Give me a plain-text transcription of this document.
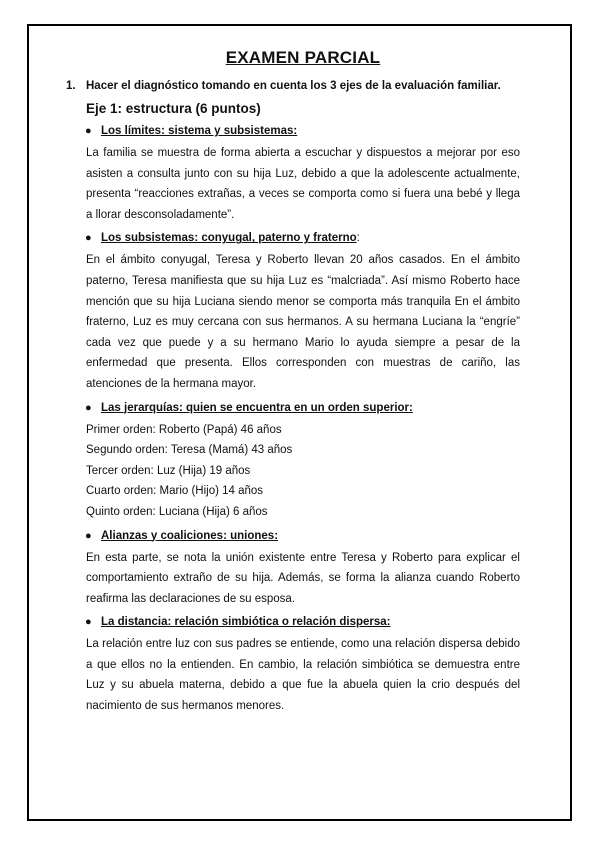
EXAMEN PARCIAL
1. Hacer el diagnóstico tomando en cuenta los 3 ejes de la evaluación familiar.
Eje 1: estructura (6 puntos)
● Los límites: sistema y subsistemas:

La familia se muestra de forma abierta a escuchar y dispuestos a mejorar por eso asisten a consulta junto con su hija Luz, debido a que la adolescente actualmente, presenta “reacciones extrañas, a veces se comporta como si fuera una bebé y llega a llorar desconsoladamente”.

● Los subsistemas: conyugal, paterno y fraterno:

En el ámbito conyugal, Teresa y Roberto llevan 20 años casados. En el ámbito paterno, Teresa manifiesta que su hija Luz es “malcriada”. Así mismo Roberto hace mención que su hija Luciana siendo menor se comporta más tranquila En el ámbito fraterno, Luz es muy cercana con sus hermanos. A su hermana Luciana la “engríe” cada vez que puede y a su hermano Mario lo ayuda siempre a pesar de la enfermedad que presenta. Ellos corresponden con muestras de cariño, las atenciones de la hermana mayor.

● Las jerarquías: quien se encuentra en un orden superior:
Primer orden: Roberto (Papá) 46 años
Segundo orden: Teresa (Mamá) 43 años
Tercer orden: Luz (Hija) 19 años
Cuarto orden: Mario (Hijo) 14 años
Quinto orden: Luciana (Hija) 6 años
● Alianzas y coaliciones: uniones:

En esta parte, se nota la unión existente entre Teresa y Roberto para explicar el comportamiento extraño de su hija. Además, se forma la alianza cuando Roberto reafirma las declaraciones de su esposa.

● La distancia: relación simbiótica o relación dispersa:

La relación entre luz con sus padres se entiende, como una relación dispersa debido a que ellos no la entienden. En cambio, la relación simbiótica se demuestra entre Luz y su abuela materna, debido a que fue la abuela quien la crio después del nacimiento de sus hermanos menores.
